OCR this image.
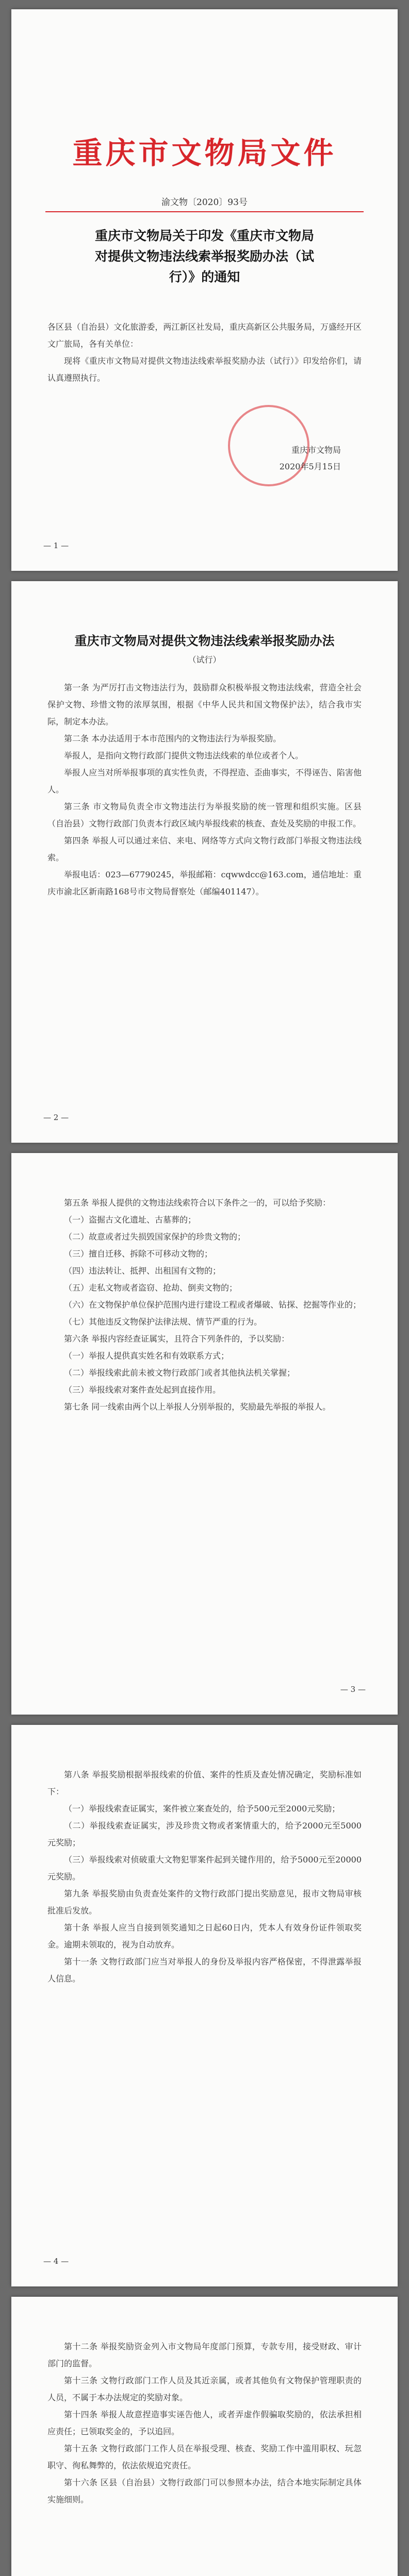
重庆市文物局文件
渝文物〔2020〕93号
重庆市文物局关于印发《重庆市文物局对提供文物违法线索举报奖励办法（试行）》的通知

各区县（自治县）文化旅游委，两江新区社发局，重庆高新区公共服务局，万盛经开区文广旅局，各有关单位：

现将《重庆市文物局对提供文物违法线索举报奖励办法（试行）》印发给你们，请认真遵照执行。

重庆市文物局
2020年5月15日
— 1 —
重庆市文物局对提供文物违法线索举报奖励办法
（试行）

第一条 为严厉打击文物违法行为，鼓励群众积极举报文物违法线索，营造全社会保护文物、珍惜文物的浓厚氛围，根据《中华人民共和国文物保护法》，结合我市实际，制定本办法。

第二条 本办法适用于本市范围内的文物违法行为举报奖励。

举报人，是指向文物行政部门提供文物违法线索的单位或者个人。

举报人应当对所举报事项的真实性负责，不得捏造、歪曲事实，不得诬告、陷害他人。

第三条 市文物局负责全市文物违法行为举报奖励的统一管理和组织实施。区县（自治县）文物行政部门负责本行政区域内举报线索的核查、查处及奖励的申报工作。

第四条 举报人可以通过来信、来电、网络等方式向文物行政部门举报文物违法线索。

举报电话：023—67790245，举报邮箱：cqwwdcc@163.com，通信地址：重庆市渝北区新南路168号市文物局督察处（邮编401147）。

— 2 —

第五条 举报人提供的文物违法线索符合以下条件之一的，可以给予奖励：

（一）盗掘古文化遗址、古墓葬的；

（二）故意或者过失损毁国家保护的珍贵文物的；

（三）擅自迁移、拆除不可移动文物的；

（四）违法转让、抵押、出租国有文物的；

（五）走私文物或者盗窃、抢劫、倒卖文物的；

（六）在文物保护单位保护范围内进行建设工程或者爆破、钻探、挖掘等作业的；

（七）其他违反文物保护法律法规、情节严重的行为。

第六条 举报内容经查证属实，且符合下列条件的，予以奖励：

（一）举报人提供真实姓名和有效联系方式；

（二）举报线索此前未被文物行政部门或者其他执法机关掌握；

（三）举报线索对案件查处起到直接作用。

第七条 同一线索由两个以上举报人分别举报的，奖励最先举报的举报人。

— 3 —

第八条 举报奖励根据举报线索的价值、案件的性质及查处情况确定，奖励标准如下：

（一）举报线索查证属实，案件被立案查处的，给予500元至2000元奖励；

（二）举报线索查证属实，涉及珍贵文物或者案情重大的，给予2000元至5000元奖励；

（三）举报线索对侦破重大文物犯罪案件起到关键作用的，给予5000元至20000元奖励。

第九条 举报奖励由负责查处案件的文物行政部门提出奖励意见，报市文物局审核批准后发放。

第十条 举报人应当自接到领奖通知之日起60日内，凭本人有效身份证件领取奖金。逾期未领取的，视为自动放弃。

第十一条 文物行政部门应当对举报人的身份及举报内容严格保密，不得泄露举报人信息。

— 4 —

第十二条 举报奖励资金列入市文物局年度部门预算，专款专用，接受财政、审计部门的监督。

第十三条 文物行政部门工作人员及其近亲属，或者其他负有文物保护管理职责的人员，不属于本办法规定的奖励对象。

第十四条 举报人故意捏造事实诬告他人，或者弄虚作假骗取奖励的，依法承担相应责任；已领取奖金的，予以追回。

第十五条 文物行政部门工作人员在举报受理、核查、奖励工作中滥用职权、玩忽职守、徇私舞弊的，依法依规追究责任。

第十六条 区县（自治县）文物行政部门可以参照本办法，结合本地实际制定具体实施细则。
